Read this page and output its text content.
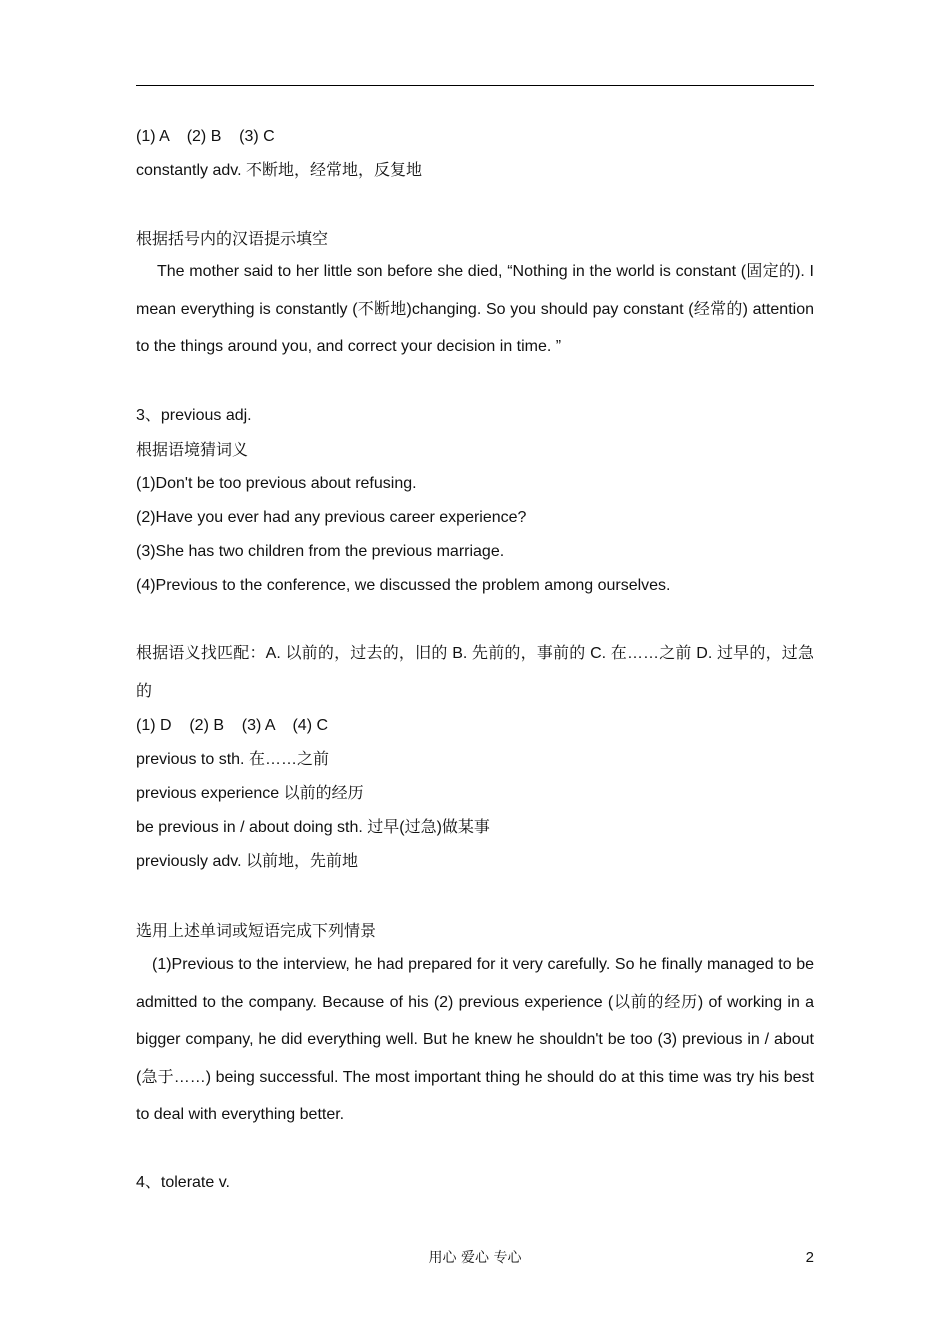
(1) A    (2) B    (3) C
constantly adv. 不断地，经常地，反复地
根据括号内的汉语提示填空
The mother said to her little son before she died, “Nothing in the world is constant (固定的). I mean everything is constantly (不断地)changing. So you should pay constant (经常的) attention to the things around you, and correct your decision in time. ”
3、previous adj.
根据语境猜词义
(1)Don't be too previous about refusing.
(2)Have you ever had any previous career experience?
(3)She has two children from the previous marriage.
(4)Previous to the conference, we discussed the problem among ourselves.
根据语义找匹配：A. 以前的，过去的，旧的 B. 先前的，事前的 C. 在……之前 D. 过早的，过急的
(1) D    (2) B    (3) A    (4) C
previous to sth. 在……之前
previous experience 以前的经历
be previous in / about doing sth. 过早(过急)做某事
previously adv. 以前地，先前地
选用上述单词或短语完成下列情景
(1)Previous to the interview, he had prepared for it very carefully. So he finally managed to be admitted to the company. Because of his (2) previous experience (以前的经历) of working in a bigger company, he did everything well. But he knew he shouldn't be too (3) previous in / about (急于……) being successful. The most important thing he should do at this time was try his best to deal with everything better.
4、tolerate v.
用心 爱心 专心	2
